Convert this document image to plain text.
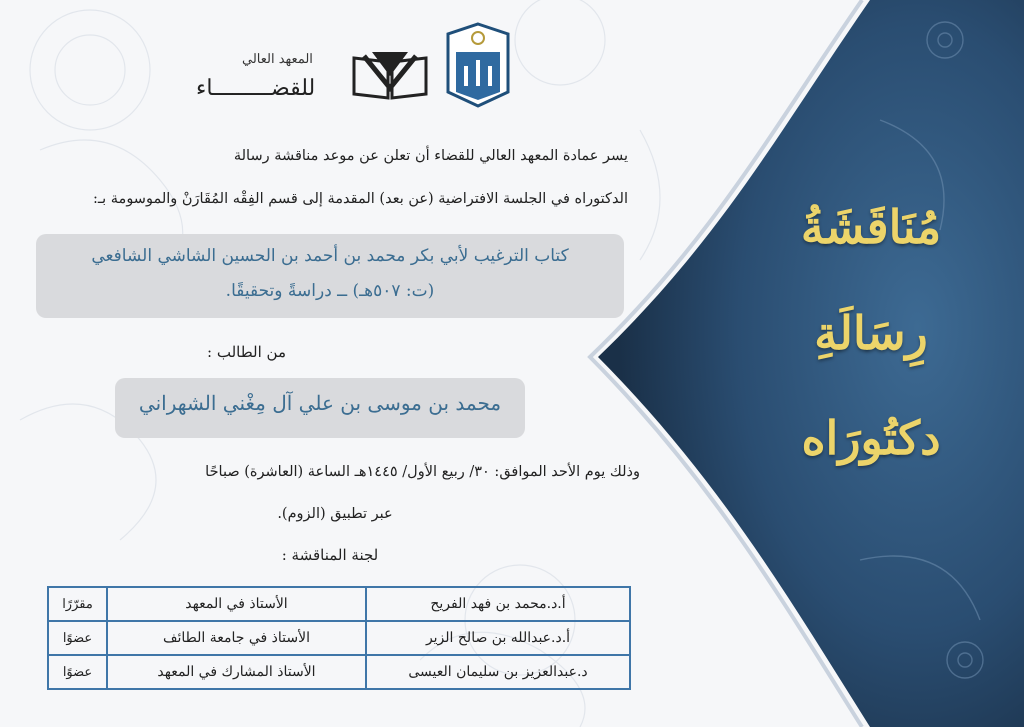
المعهد العالي
للقضـــــــــاء
يسر عمادة المعهد العالي للقضاء أن تعلن عن موعد مناقشة رسالة
الدكتوراه في الجلسة الافتراضية (عن بعد) المقدمة إلى قسم الفِقْه المُقَارَنْ والموسومة بـ:
كتاب الترغيب لأبي بكر محمد بن أحمد بن الحسين الشاشي الشافعي
(ت: ٥٠٧هـ) ــ دراسةً وتحقيقًا.
من الطالب :
محمد بن موسى بن علي آل مِغْني الشهراني
وذلك يوم الأحد الموافق: ٣٠/ ربيع الأول/ ١٤٤٥هـ الساعة (العاشرة) صباحًا
عبر تطبيق (الزوم).
لجنة المناقشة :
أ.د.محمد بن فهد الفريح	الأستاذ في المعهد	مقرّرًا
أ.د.عبدالله بن صالح الزير	الأستاذ في جامعة الطائف	عضوًا
د.عبدالعزيز بن سليمان العيسى	الأستاذ المشارك في المعهد	عضوًا
مُنَاقَشَةُ
رِسَالَةِ
دكتُورَاه
